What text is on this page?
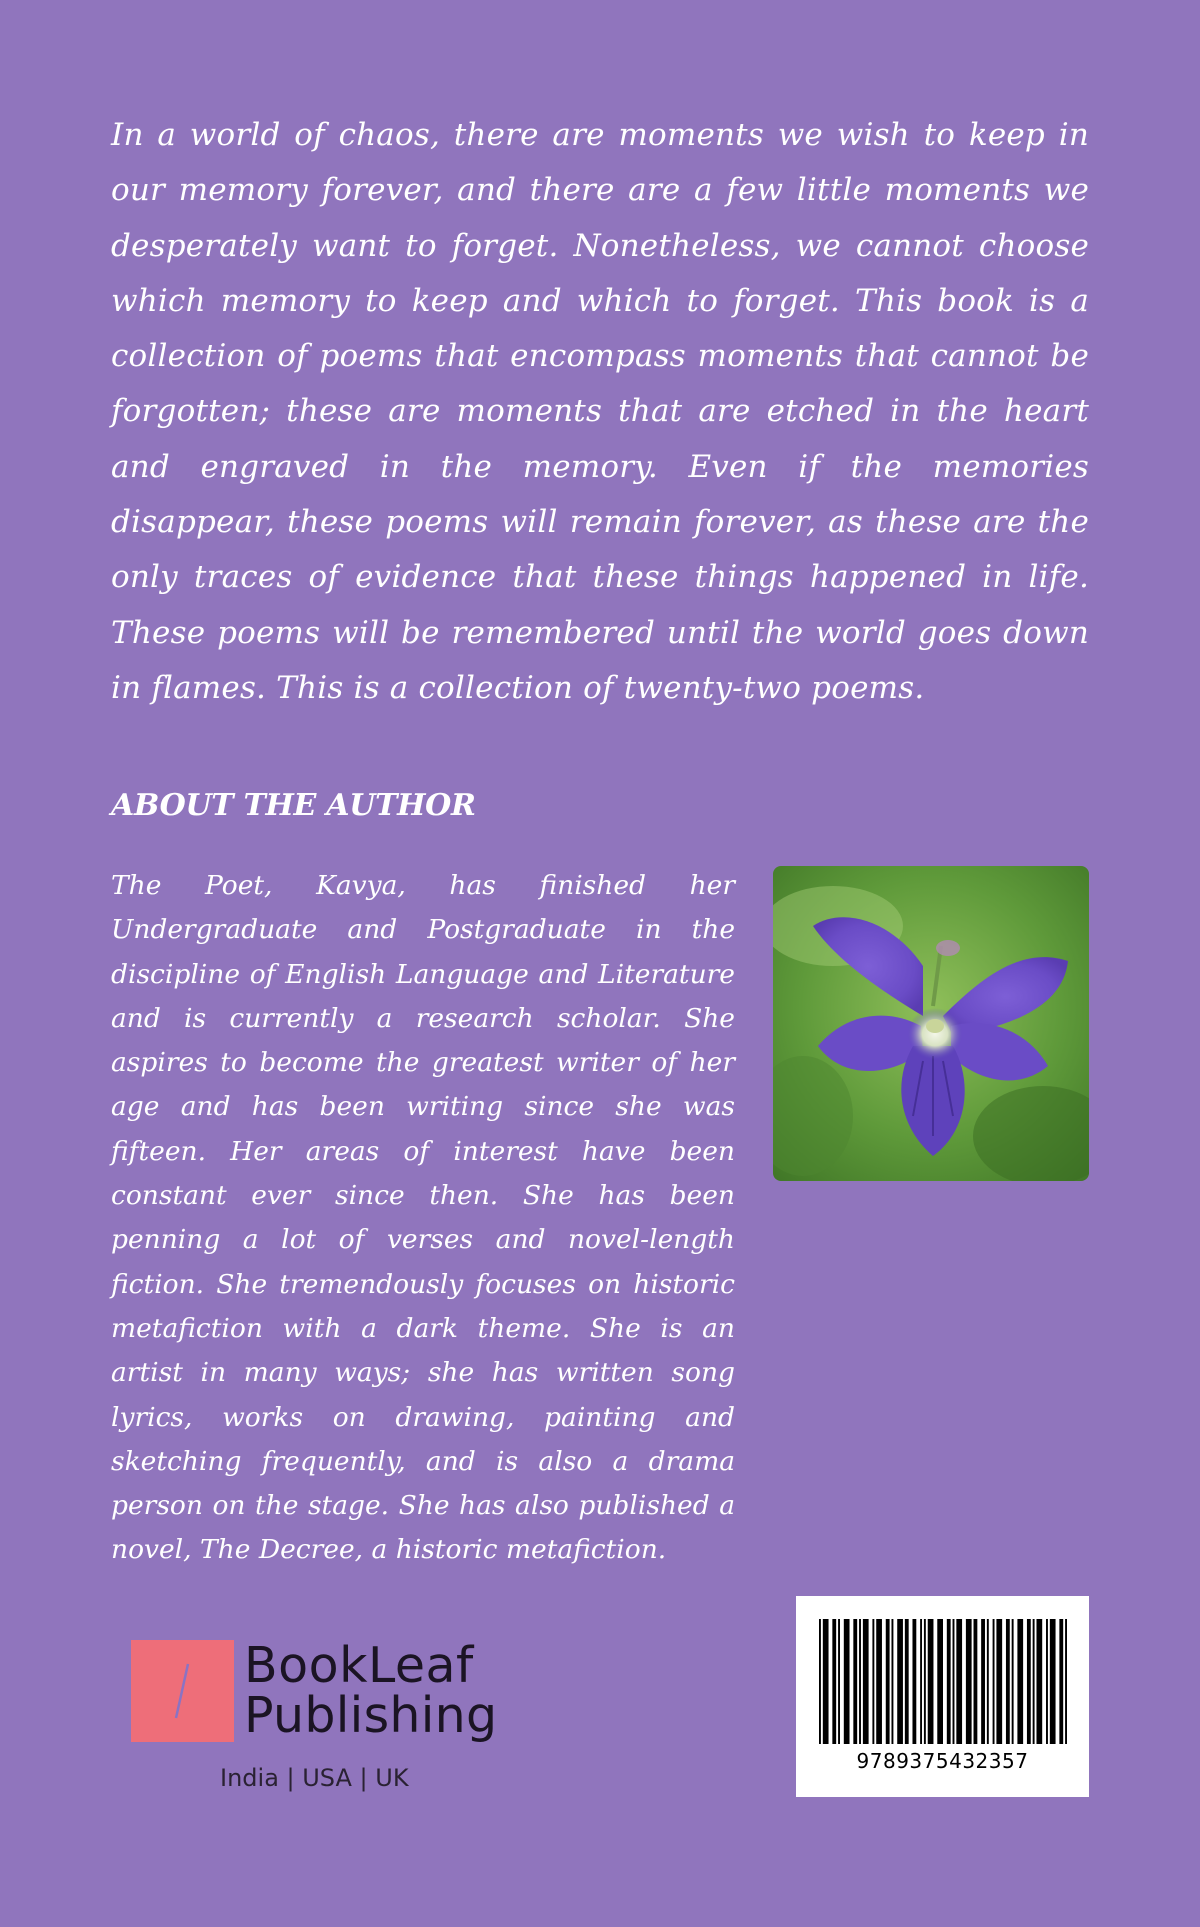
In a world of chaos, there are moments we wish to keep in our memory forever, and there are a few little moments we desperately want to forget. Nonetheless, we cannot choose which memory to keep and which to forget. This book is a collection of poems that encompass moments that cannot be forgotten; these are moments that are etched in the heart and engraved in the memory. Even if the memories disappear, these poems will remain forever, as these are the only traces of evidence that these things happened in life. These poems will be remembered until the world goes down in flames. This is a collection of twenty-two poems.

ABOUT THE AUTHOR

The Poet, Kavya, has finished her Undergraduate and Postgraduate in the discipline of English Language and Literature and is currently a research scholar. She aspires to become the greatest writer of her age and has been writing since she was fifteen. Her areas of interest have been constant ever since then. She has been penning a lot of verses and novel-length fiction. She tremendously focuses on historic metafiction with a dark theme. She is an artist in many ways; she has written song lyrics, works on drawing, painting and sketching frequently, and is also a drama person on the stage. She has also published a novel, The Decree, a historic metafiction.

BookLeaf
Publishing
India | USA | UK
9789375432357
